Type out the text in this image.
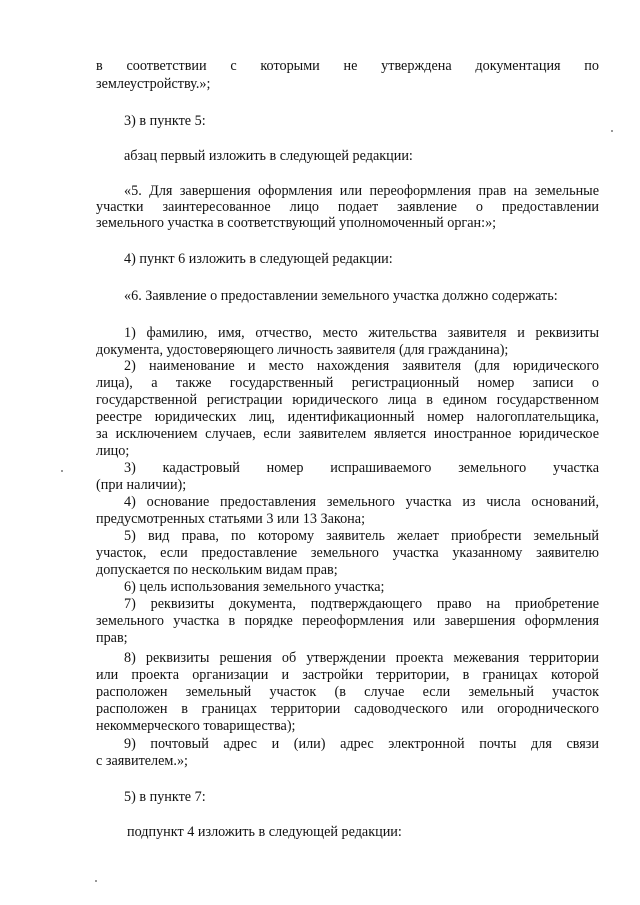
в соответствии с которыми не утверждена документация по
землеустройству.»;
3) в пункте 5:
абзац первый изложить в следующей редакции:
«5. Для завершения оформления или переоформления прав на земельные
участки заинтересованное лицо подает заявление о предоставлении
земельного участка в соответствующий уполномоченный орган:»;
4) пункт 6 изложить в следующей редакции:
«6. Заявление о предоставлении земельного участка должно содержать:
1) фамилию, имя, отчество, место жительства заявителя и реквизиты
документа, удостоверяющего личность заявителя (для гражданина);
2) наименование и место нахождения заявителя (для юридического
лица), а также государственный регистрационный номер записи о
государственной регистрации юридического лица в едином государственном
реестре юридических лиц, идентификационный номер налогоплательщика,
за исключением случаев, если заявителем является иностранное юридическое
лицо;
3) кадастровый номер испрашиваемого земельного участка
(при наличии);
4) основание предоставления земельного участка из числа оснований,
предусмотренных статьями 3 или 13 Закона;
5) вид права, по которому заявитель желает приобрести земельный
участок, если предоставление земельного участка указанному заявителю
допускается по нескольким видам прав;
6) цель использования земельного участка;
7) реквизиты документа, подтверждающего право на приобретение
земельного участка в порядке переоформления или завершения оформления
прав;
8) реквизиты решения об утверждении проекта межевания территории
или проекта организации и застройки территории, в границах которой
расположен земельный участок (в случае если земельный участок
расположен в границах территории садоводческого или огороднического
некоммерческого товарищества);
9) почтовый адрес и (или) адрес электронной почты для связи
с заявителем.»;
5) в пункте 7:
подпункт 4 изложить в следующей редакции:
